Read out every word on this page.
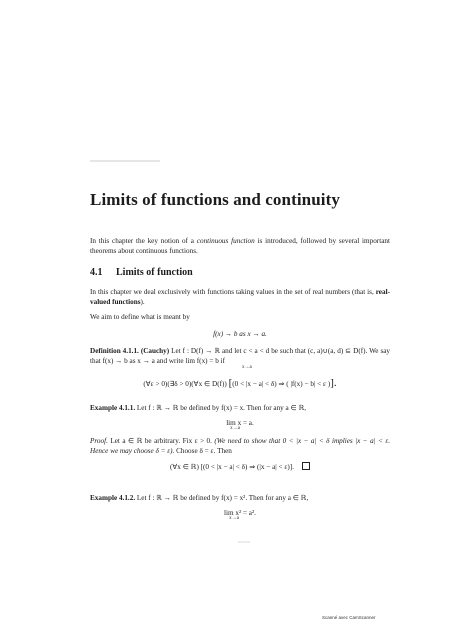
Limits of functions and continuity
In this chapter the key notion of a continuous function is introduced, followed by several important theorems about continuous functions.
4.1 Limits of function
In this chapter we deal exclusively with functions taking values in the set of real numbers (that is, real-valued functions).
We aim to define what is meant by
f(x) → b as x → a.
Definition 4.1.1. (Cauchy) Let f : D(f) → ℝ and let c < a < d be such that (c, a)∪(a, d) ⊆ D(f). We say that f(x) → b as x → a and write lim f(x) = b if
x→a
(∀ε > 0)(∃δ > 0)(∀x ∈ D(f)) [(0 < |x − a| < δ) ⇒ ( |f(x) − b| < ε )].
Example 4.1.1. Let f : ℝ → ℝ be defined by f(x) = x. Then for any a ∈ ℝ,
lim x = a.
x→a
Proof. Let a ∈ ℝ be arbitrary. Fix ε > 0. (We need to show that 0 < |x − a| < δ implies |x − a| < ε. Hence we may choose δ = ε). Choose δ = ε. Then
(∀x ∈ ℝ) [(0 < |x − a| < δ) ⇒ (|x − a| < ε)].
Example 4.1.2. Let f : ℝ → ℝ be defined by f(x) = x². Then for any a ∈ ℝ,
lim x² = a².
x→a
Scanné avec CamScanner
